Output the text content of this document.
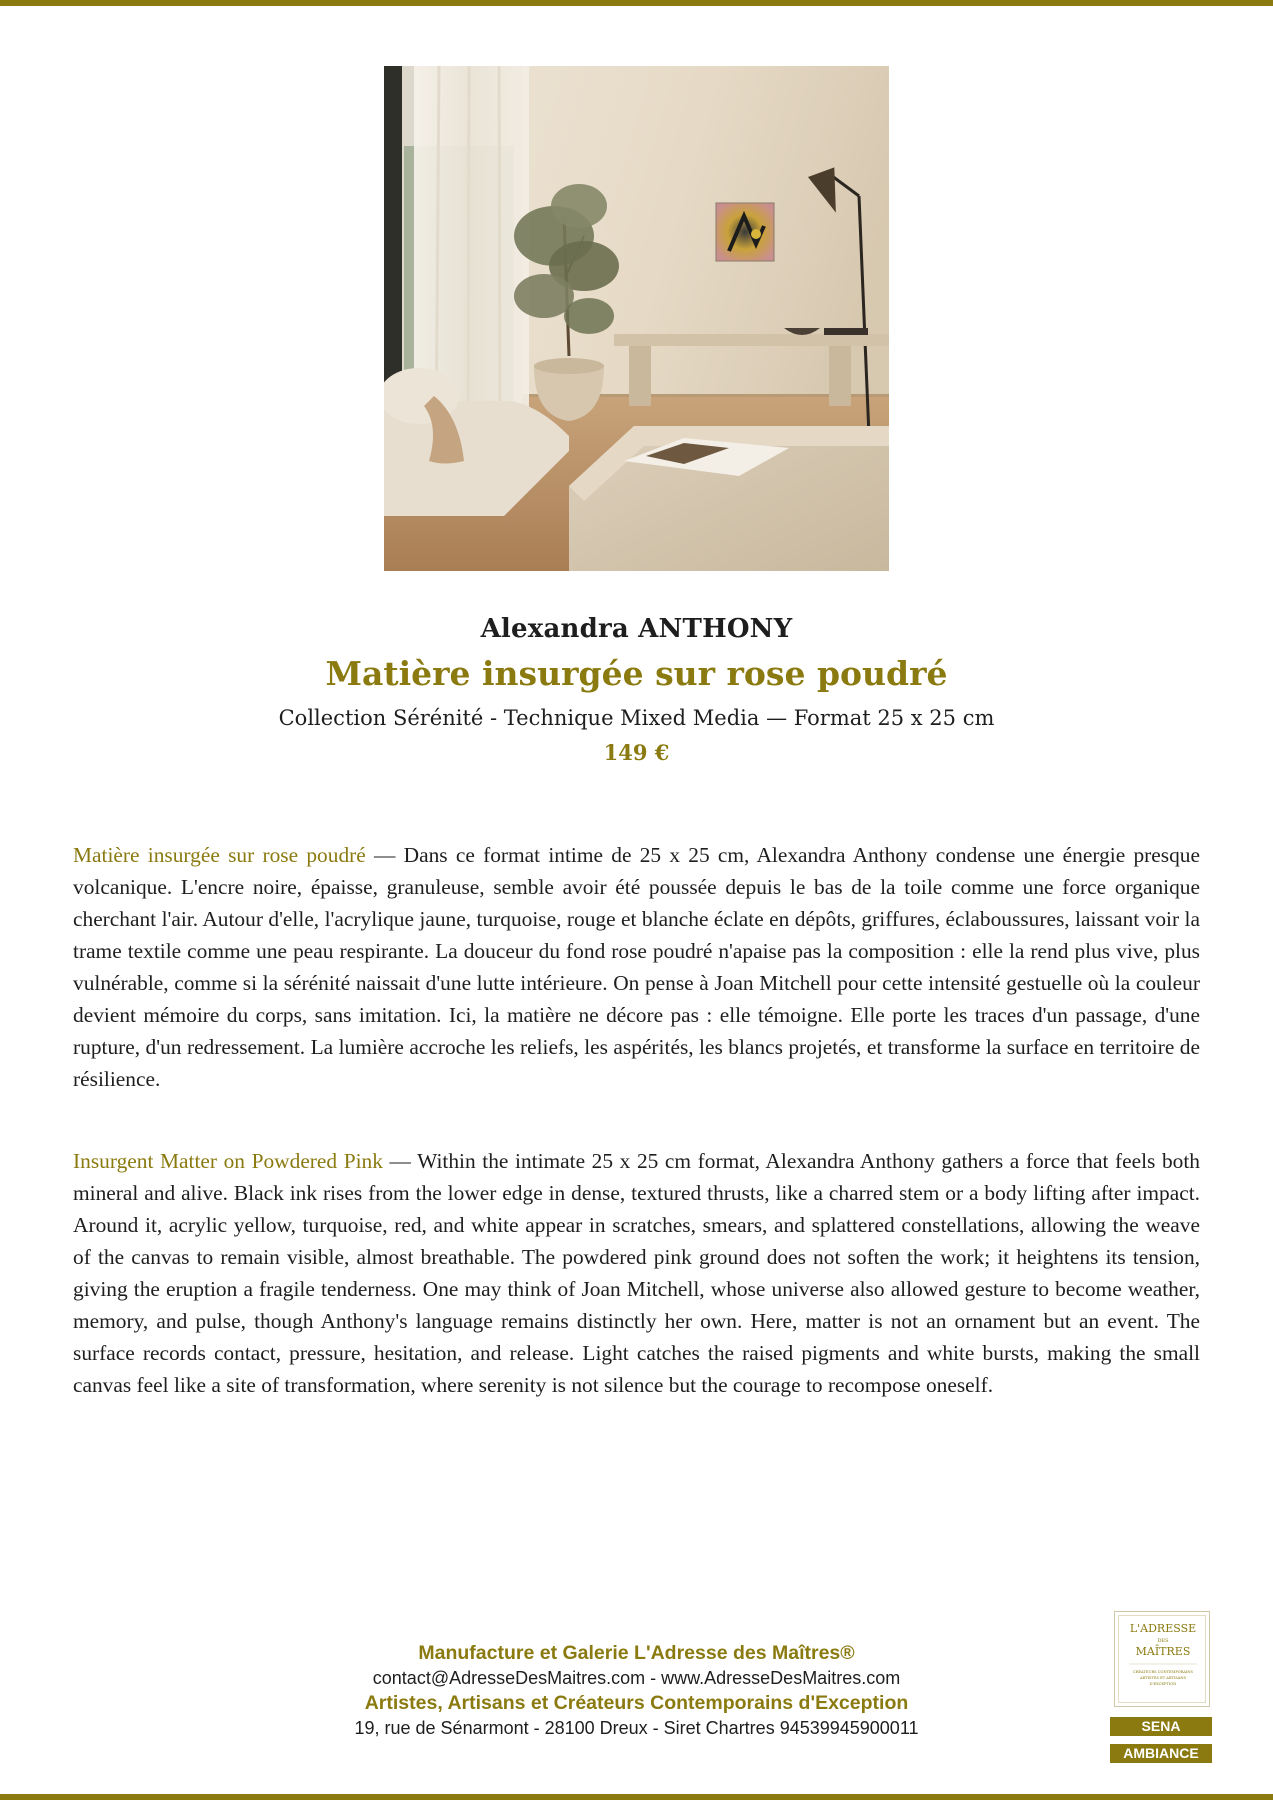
Alexandra ANTHONY
Matière insurgée sur rose poudré
Collection Sérénité - Technique Mixed Media — Format 25 x 25 cm
149 €

Matière insurgée sur rose poudré — Dans ce format intime de 25 x 25 cm, Alexandra Anthony condense une énergie presque volcanique. L'encre noire, épaisse, granuleuse, semble avoir été poussée depuis le bas de la toile comme une force organique cherchant l'air. Autour d'elle, l'acrylique jaune, turquoise, rouge et blanche éclate en dépôts, griffures, éclaboussures, laissant voir la trame textile comme une peau respirante. La douceur du fond rose poudré n'apaise pas la composition : elle la rend plus vive, plus vulnérable, comme si la sérénité naissait d'une lutte intérieure. On pense à Joan Mitchell pour cette intensité gestuelle où la couleur devient mémoire du corps, sans imitation. Ici, la matière ne décore pas : elle témoigne. Elle porte les traces d'un passage, d'une rupture, d'un redressement. La lumière accroche les reliefs, les aspérités, les blancs projetés, et transforme la surface en territoire de résilience.

Insurgent Matter on Powdered Pink — Within the intimate 25 x 25 cm format, Alexandra Anthony gathers a force that feels both mineral and alive. Black ink rises from the lower edge in dense, textured thrusts, like a charred stem or a body lifting after impact. Around it, acrylic yellow, turquoise, red, and white appear in scratches, smears, and splattered constellations, allowing the weave of the canvas to remain visible, almost breathable. The powdered pink ground does not soften the work; it heightens its tension, giving the eruption a fragile tenderness. One may think of Joan Mitchell, whose universe also allowed gesture to become weather, memory, and pulse, though Anthony's language remains distinctly her own. Here, matter is not an ornament but an event. The surface records contact, pressure, hesitation, and release. Light catches the raised pigments and white bursts, making the small canvas feel like a site of transformation, where serenity is not silence but the courage to recompose oneself.

Manufacture et Galerie L'Adresse des Maîtres®
contact@AdresseDesMaitres.com - www.AdresseDesMaitres.com
Artistes, Artisans et Créateurs Contemporains d'Exception
19, rue de Sénarmont - 28100 Dreux - Siret Chartres 94539945900011
L'ADRESSE
DES
MAÎTRES
CRÉATEURS CONTEMPORAINS
ARTISTES ET ARTISANS
D'EXCEPTION
SENA
AMBIANCE
